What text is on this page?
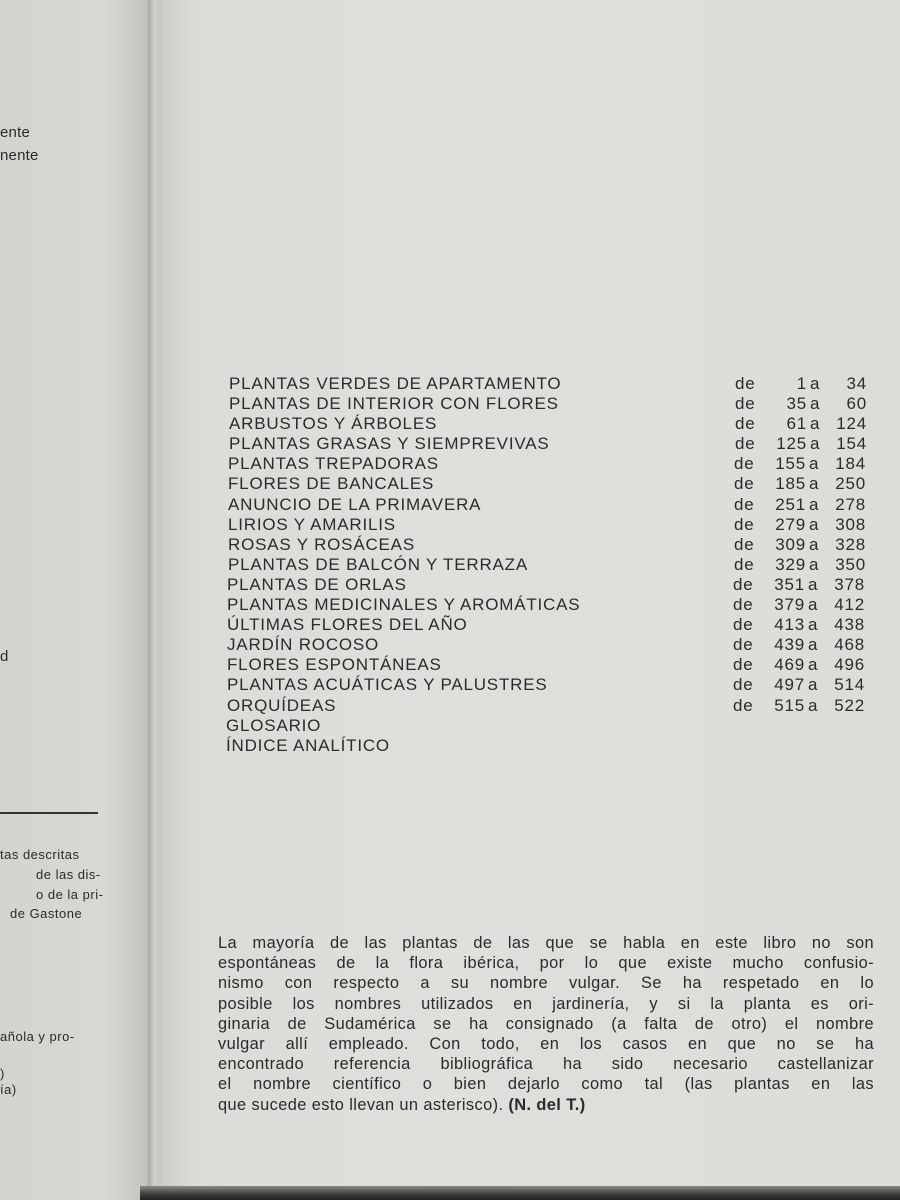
ente
nente
d
tas descritas
de las dis-
o de la pri-
de Gastone
añola y pro-
)
ía)
PLANTAS VERDES DE APARTAMENTO	de	1 a	34
PLANTAS DE INTERIOR CON FLORES	de	35 a	60
ARBUSTOS Y ÁRBOLES	de	61 a 124
PLANTAS GRASAS Y SIEMPREVIVAS	de	125 a 154
PLANTAS TREPADORAS	de	155 a 184
FLORES DE BANCALES	de	185 a 250
ANUNCIO DE LA PRIMAVERA	de	251 a 278
LIRIOS Y AMARILIS	de	279 a 308
ROSAS Y ROSÁCEAS	de	309 a 328
PLANTAS DE BALCÓN Y TERRAZA	de	329 a 350
PLANTAS DE ORLAS	de	351 a 378
PLANTAS MEDICINALES Y AROMÁTICAS	de	379 a 412
ÚLTIMAS FLORES DEL AÑO	de	413 a 438
JARDÍN ROCOSO	de	439 a 468
FLORES ESPONTÁNEAS	de	469 a 496
PLANTAS ACUÁTICAS Y PALUSTRES	de	497 a 514
ORQUÍDEAS	de	515 a 522
GLOSARIO
ÍNDICE ANALÍTICO
La mayoría de las plantas de las que se habla en este libro no son
espontáneas de la flora ibérica, por lo que existe mucho confusio-
nismo con respecto a su nombre vulgar. Se ha respetado en lo
posible los nombres utilizados en jardinería, y si la planta es ori-
ginaria de Sudamérica se ha consignado (a falta de otro) el nombre
vulgar allí empleado. Con todo, en los casos en que no se ha
encontrado referencia bibliográfica ha sido necesario castellanizar
el nombre científico o bien dejarlo como tal (las plantas en las
que sucede esto llevan un asterisco). (N. del T.)
